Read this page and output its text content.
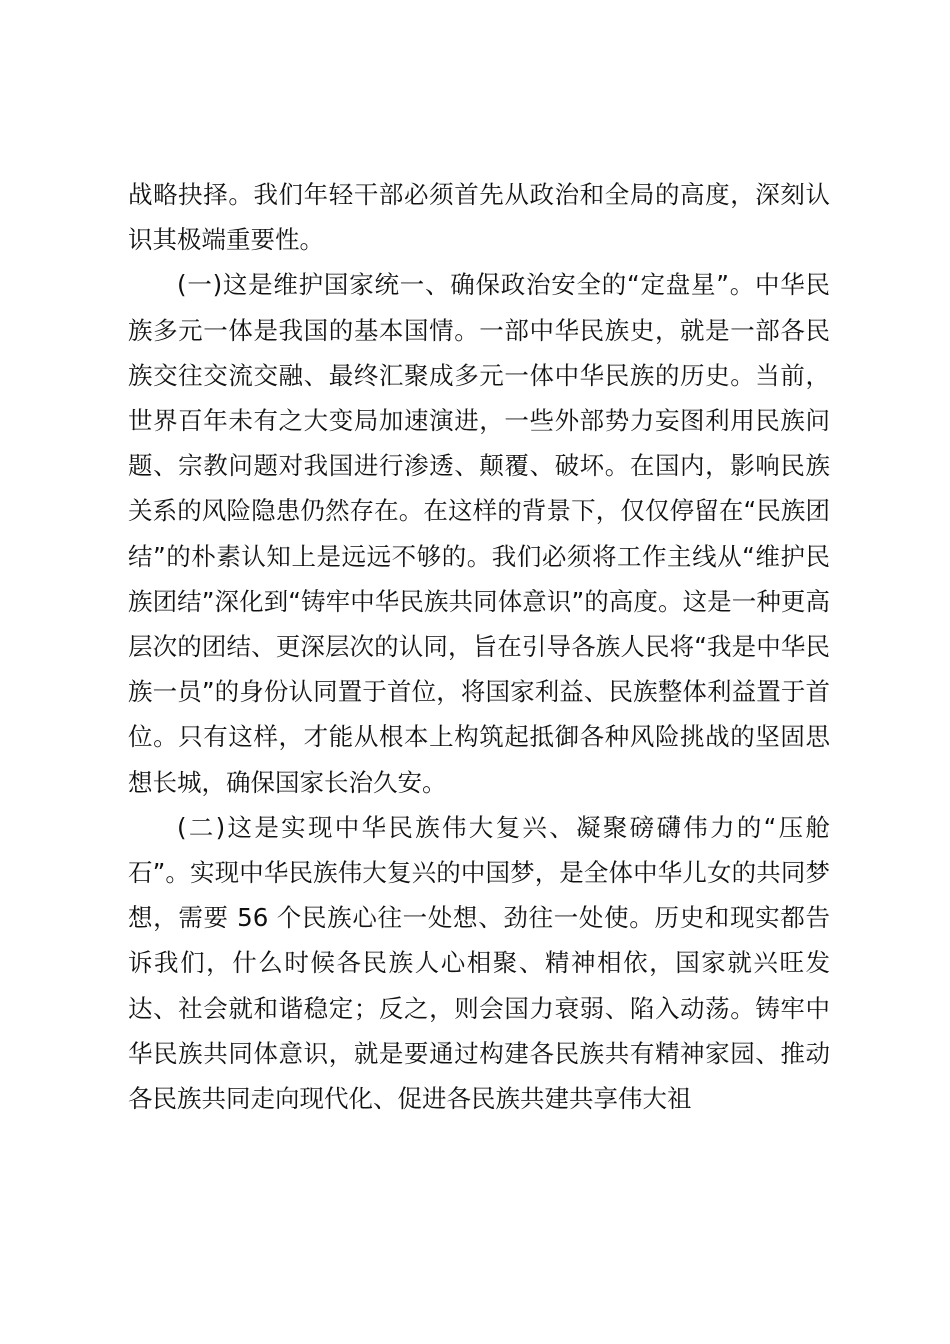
战略抉择。我们年轻干部必须首先从政治和全局的高度，深刻认识其极端重要性。

(一)这是维护国家统一、确保政治安全的“定盘星”。中华民族多元一体是我国的基本国情。一部中华民族史，就是一部各民族交往交流交融、最终汇聚成多元一体中华民族的历史。当前，世界百年未有之大变局加速演进，一些外部势力妄图利用民族问题、宗教问题对我国进行渗透、颠覆、破坏。在国内，影响民族关系的风险隐患仍然存在。在这样的背景下，仅仅停留在“民族团结”的朴素认知上是远远不够的。我们必须将工作主线从“维护民族团结”深化到“铸牢中华民族共同体意识”的高度。这是一种更高层次的团结、更深层次的认同，旨在引导各族人民将“我是中华民族一员”的身份认同置于首位，将国家利益、民族整体利益置于首位。只有这样，才能从根本上构筑起抵御各种风险挑战的坚固思想长城，确保国家长治久安。

(二)这是实现中华民族伟大复兴、凝聚磅礴伟力的“压舱石”。实现中华民族伟大复兴的中国梦，是全体中华儿女的共同梦想，需要 56 个民族心往一处想、劲往一处使。历史和现实都告诉我们，什么时候各民族人心相聚、精神相依，国家就兴旺发达、社会就和谐稳定；反之，则会国力衰弱、陷入动荡。铸牢中华民族共同体意识，就是要通过构建各民族共有精神家园、推动各民族共同走向现代化、促进各民族共建共享伟大祖
